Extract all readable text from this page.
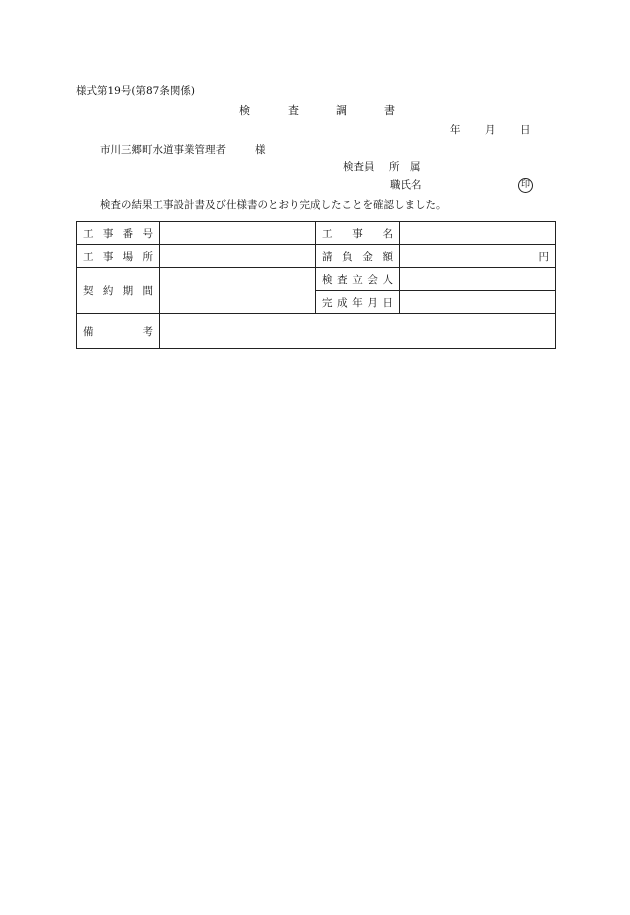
様式第19号(第87条関係)
検	査	調	書
年 月 日
市川三郷町水道事業管理者	様
検査員 所　属
職氏名	印
検査の結果工事設計書及び仕様書のとおり完成したことを確認しました。
工事番号		工事名	

工事場所		請負金額	円

契約期間		検査立会人	

		完成年月日	

備考			
